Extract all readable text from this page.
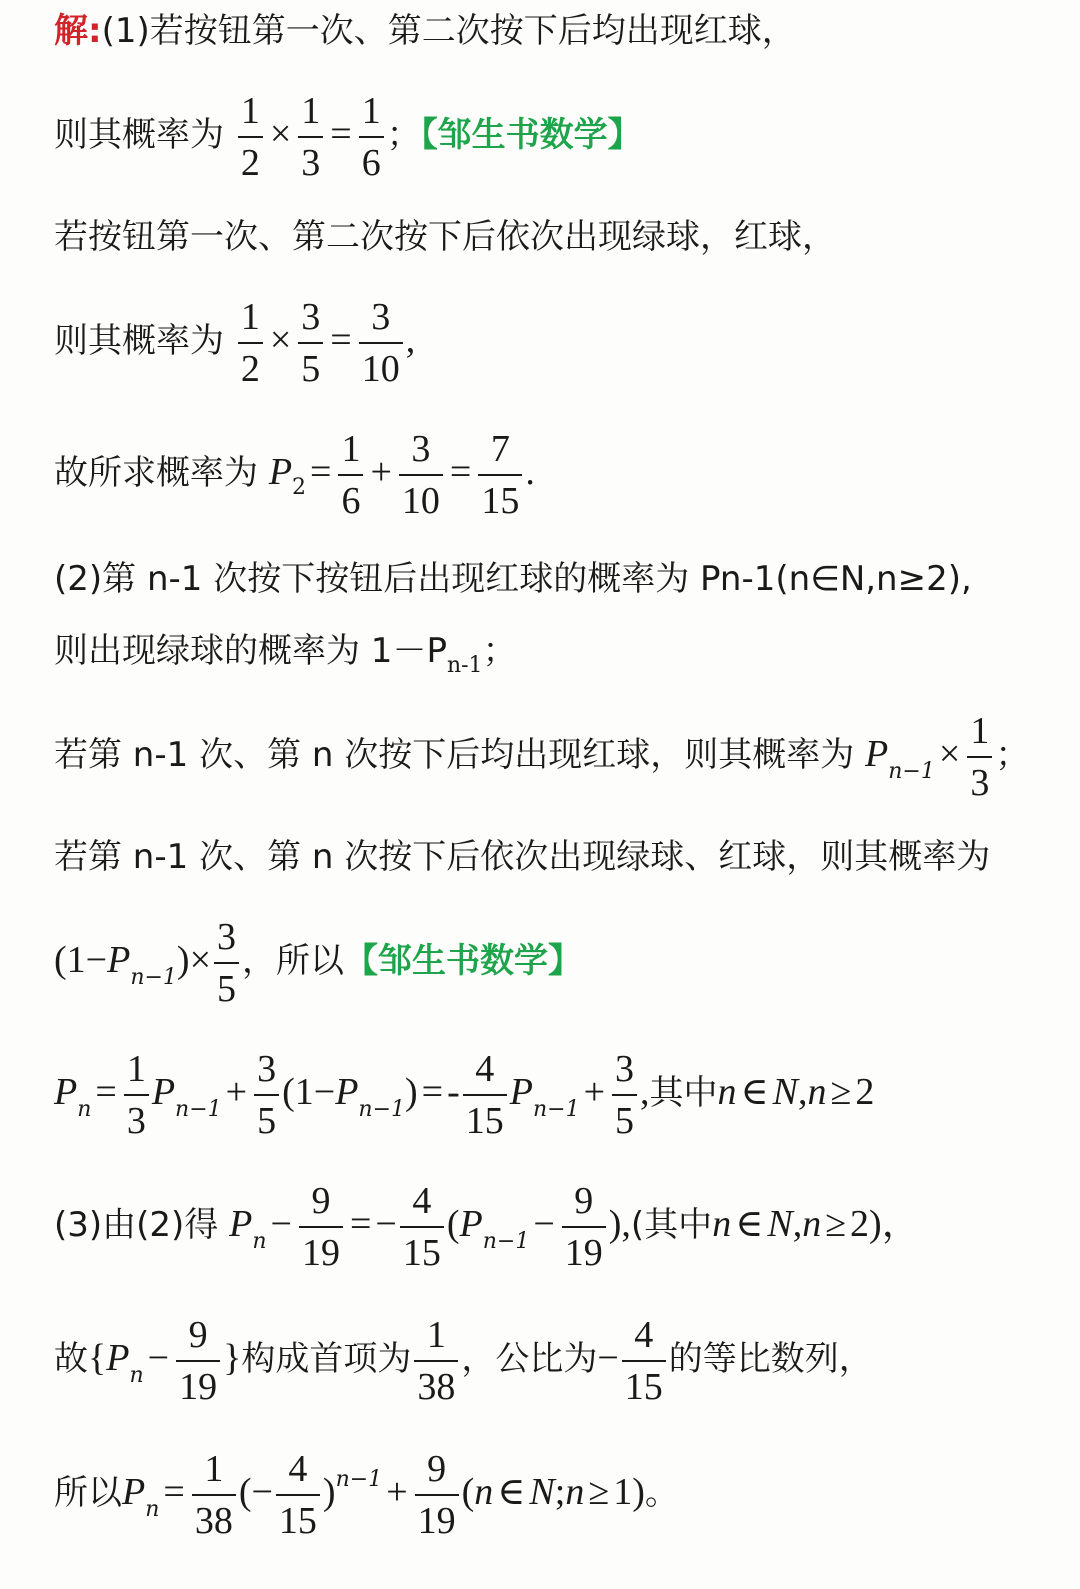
解:(1)若按钮第一次、第二次按下后均出现红球，
则其概率为 $\frac{1}{2} \times \frac{1}{3} = \frac{1}{6}$ ；【邹生书数学】
若按钮第一次、第二次按下后依次出现绿球，红球，
则其概率为 $\frac{1}{2} \times \frac{3}{5} = \frac{3}{10}$ ,
故所求概率为 $P_2 = \frac{1}{6} + \frac{3}{10} = \frac{7}{15}$ .
(2)第 n-1 次按下按钮后出现红球的概率为 Pn-1(n∈N,n≥2),
则出现绿球的概率为 $1-P_{n-1}$；
若第 n-1 次、第 n 次按下后均出现红球，则其概率为 $P_{n-1} \times \frac{1}{3}$ ；
若第 n-1 次、第 n 次按下后依次出现绿球、红球，则其概率为
$(1-P_{n-1})\times \frac{3}{5}$ ，所以【邹生书数学】
$P_n = \frac{1}{3} P_{n-1} + \frac{3}{5} (1-P_{n-1})$ = - $\frac{4}{15} P_{n-1} + \frac{3}{5}$ ,其中n ∈ N,n ≥ 2
(3)由(2)得 $P_n - \frac{9}{19}$ = − $\frac{4}{15} (P_{n-1} - \frac{9}{19}$ ),(其中n ∈ N,n ≥ 2)，
故{$P_n - \frac{9}{19}$ }构成首项为 $\frac{1}{38}$ ，公比为− $\frac{4}{15}$ 的等比数列，
所以$P_n = \frac{1}{38}$ (− $\frac{4}{15} )^{n-1} + \frac{9}{19} (n$ ∈ N;n ≥ 1)。
